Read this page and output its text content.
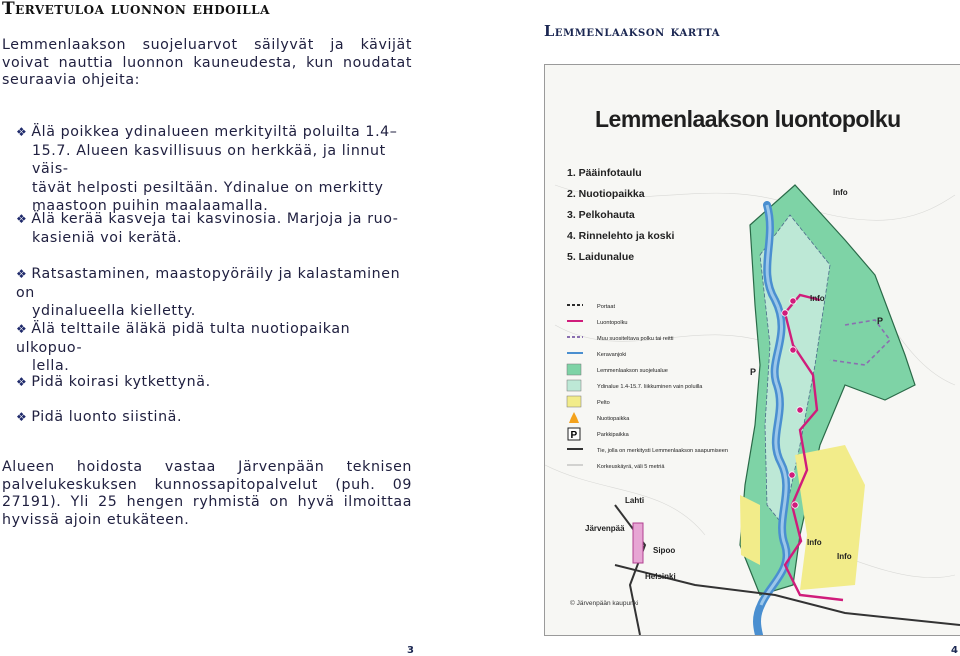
Tervetuloa luonnon ehdoilla
Lemmenlaakson suojeluarvot säilyvät ja kävijät voivat nauttia luonnon kauneudesta, kun noudatat seuraavia ohjeita:
❖ Älä poikkea ydinalueen merkityiltä poluilta 1.4–
15.7. Alueen kasvillisuus on herkkää, ja linnut väis-
tävät helposti pesiltään. Ydinalue on merkitty
maastoon puihin maalaamalla.
❖ Älä kerää kasveja tai kasvinosia. Marjoja ja ruo-
kasieniä voi kerätä.
❖ Ratsastaminen, maastopyöräily ja kalastaminen on
ydinalueella kielletty.
❖ Älä telttaile äläkä pidä tulta nuotiopaikan ulkopuo-
lella.
❖ Pidä koirasi kytkettynä.
❖ Pidä luonto siistinä.
Alueen hoidosta vastaa Järvenpään teknisen palvelukeskuksen kunnossapitopalvelut (puh. 09 27191). Yli 25 hengen ryhmistä on hyvä ilmoittaa hyvissä ajoin etukäteen.
3
Lemmenlaakson kartta
Lemmenlaakson luontopolku
1. Pääinfotaulu
2. Nuotiopaikka
3. Pelkohauta
4. Rinnelehto ja koski
5. Laidunalue
Portaat
Luontopolku
Muu suositeltava polku tai reitti
Keravanjoki
Lemmenlaakson suojelualue
Ydinalue 1.4-15.7. liikkuminen vain poluilla
Pelto
Nuotiopaikka
P	Parkkipaikka
Tie, jolla on merkitysti Lemmenlaakson saapumiseen
Korkeuskäyrä, väli 5 metriä
Info
Info
Info
Info
Lahti
Järvenpää
Sipoo
Helsinki
P
P
© Järvenpään kaupunki
4
